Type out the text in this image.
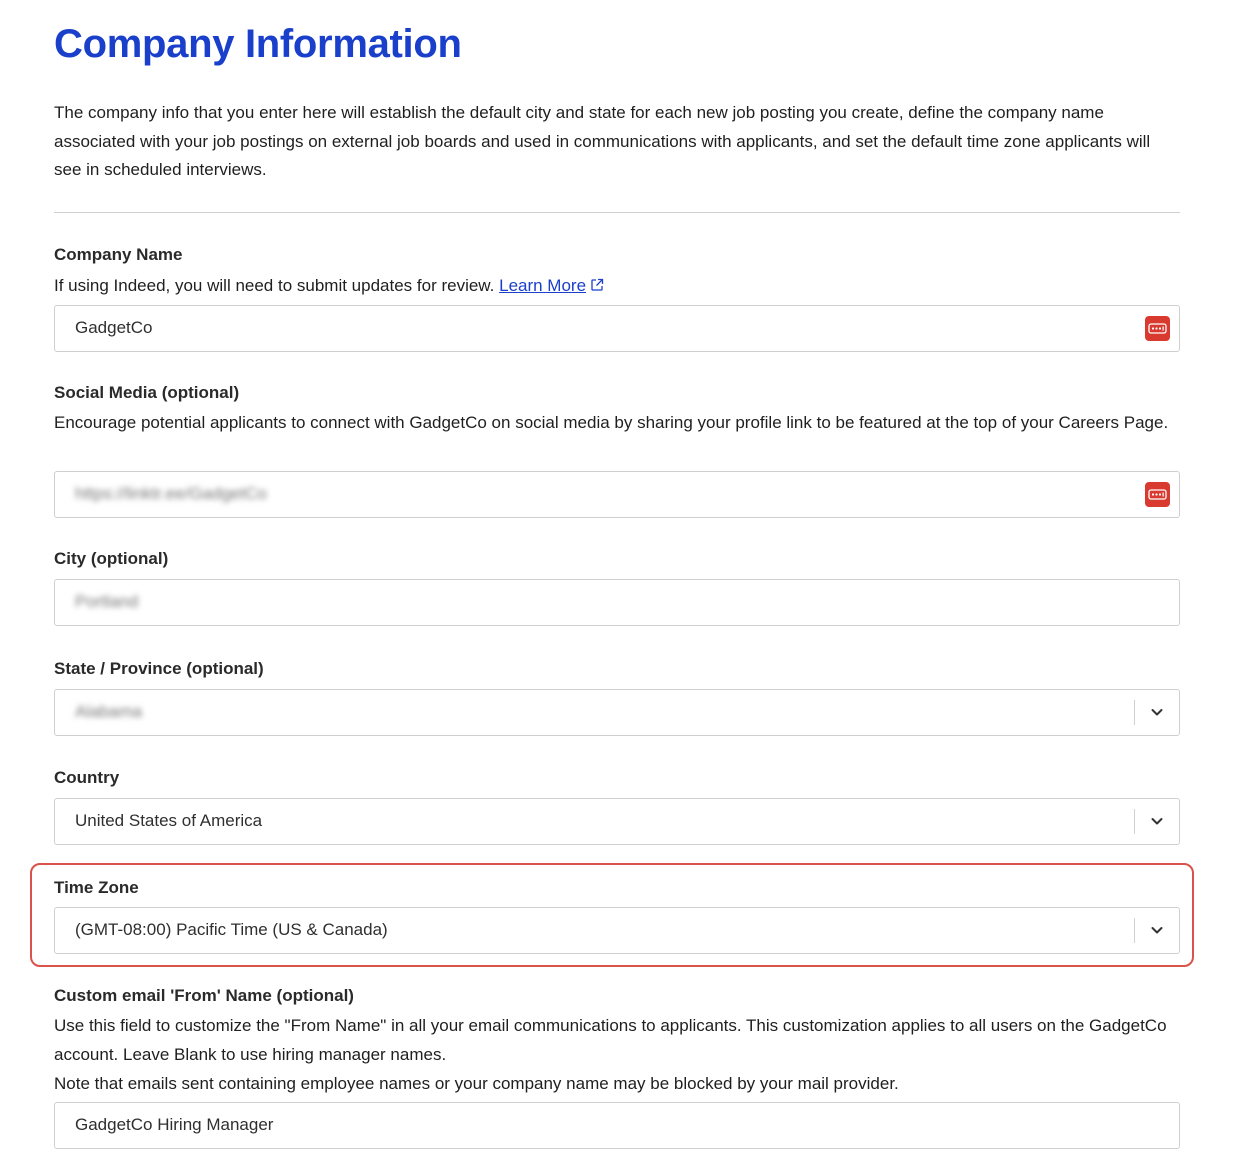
Company Information
The company info that you enter here will establish the default city and state for each new job posting you create, define the company name associated with your job postings on external job boards and used in communications with applicants, and set the default time zone applicants will see in scheduled interviews.
Company Name
If using Indeed, you will need to submit updates for review. Learn More
GadgetCo
Social Media (optional)
Encourage potential applicants to connect with GadgetCo on social media by sharing your profile link to be featured at the top of your Careers Page.
https://linktr.ee/GadgetCo
City (optional)
Portland
State / Province (optional)
Alabama
Country
United States of America
Time Zone
(GMT-08:00) Pacific Time (US & Canada)
Custom email 'From' Name (optional)
Use this field to customize the "From Name" in all your email communications to applicants. This customization applies to all users on the GadgetCo account. Leave Blank to use hiring manager names.
Note that emails sent containing employee names or your company name may be blocked by your mail provider.
GadgetCo Hiring Manager
